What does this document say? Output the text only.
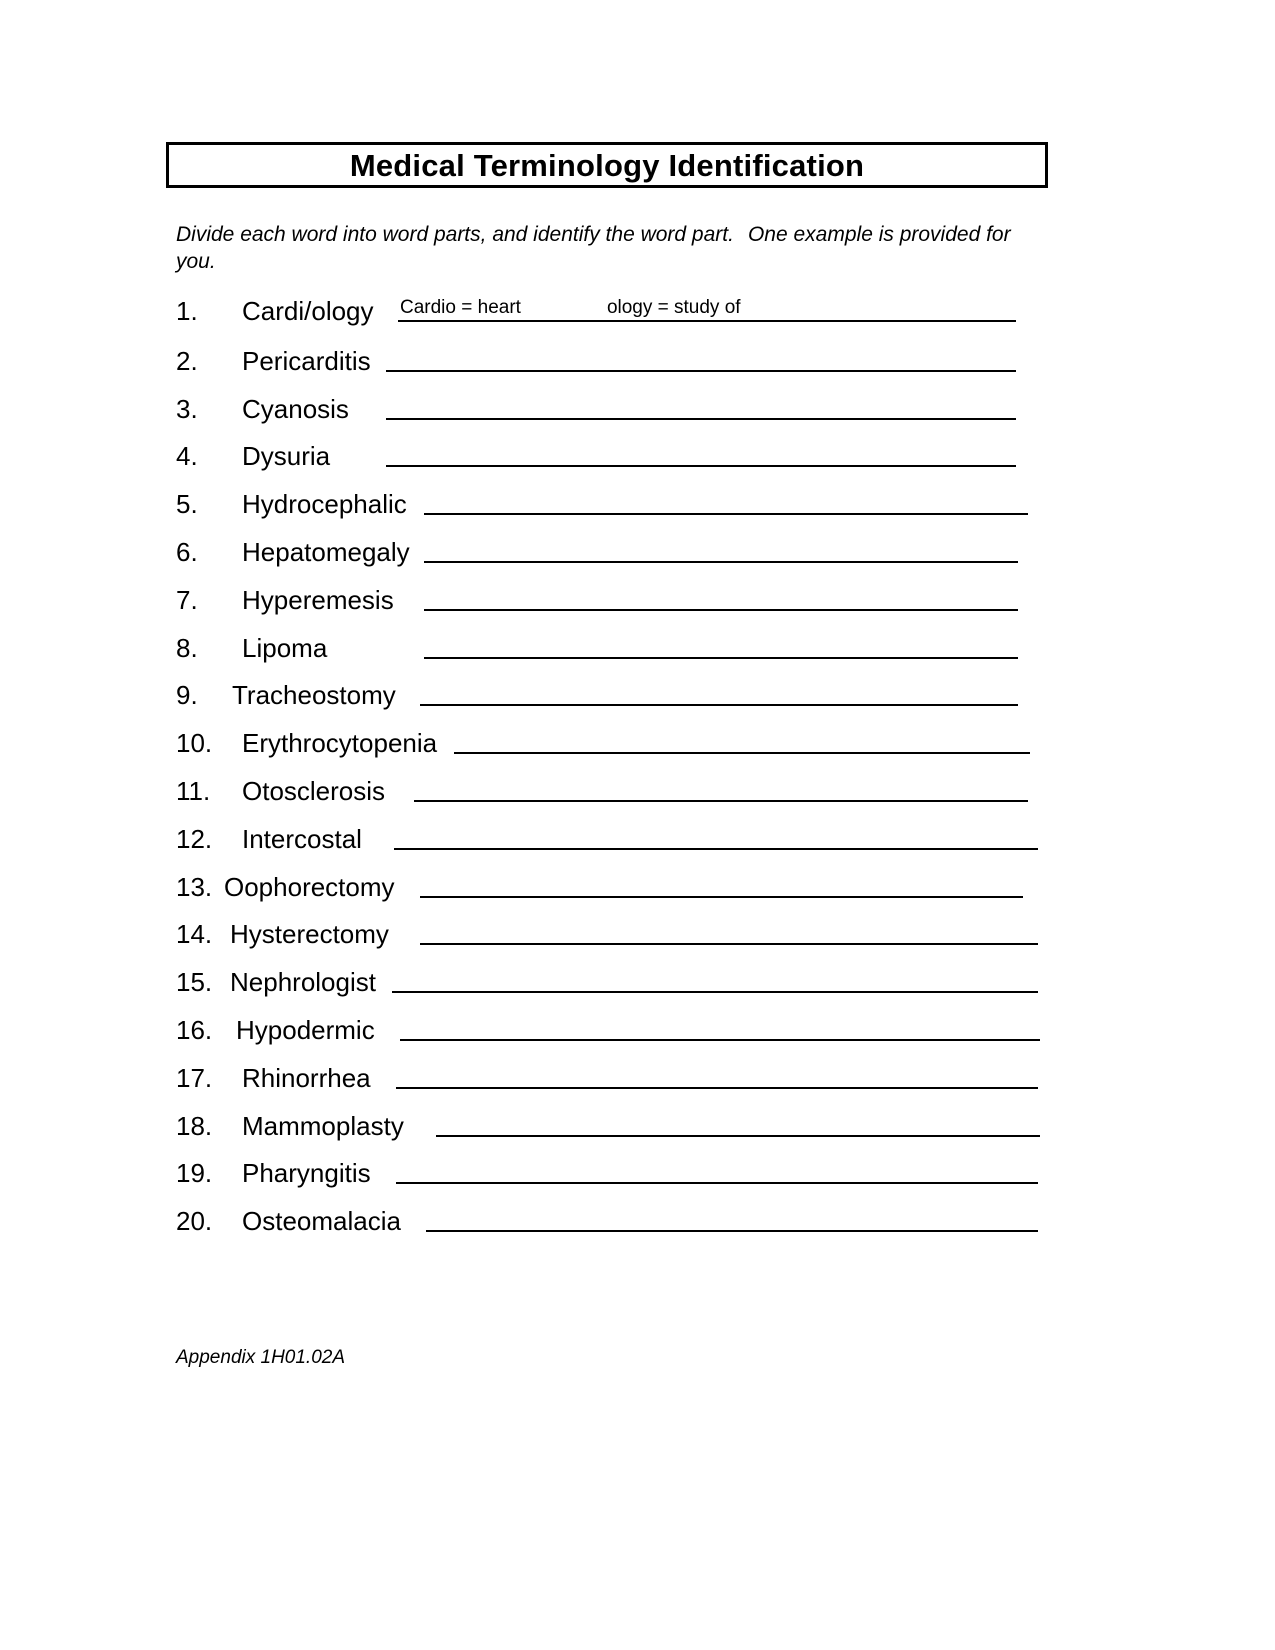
Medical Terminology Identification
Divide each word into word parts, and identify the word part. One example is provided for you.
1.	Cardi/ology	Cardio = heart	ology = study of
2.	Pericarditis
3.	Cyanosis
4.	Dysuria
5.	Hydrocephalic
6.	Hepatomegaly
7.	Hyperemesis
8.	Lipoma
9.	Tracheostomy
10.	Erythrocytopenia
11.	Otosclerosis
12.	Intercostal
13. Oophorectomy
14. Hysterectomy
15. Nephrologist
16. Hypodermic
17.	Rhinorrhea
18.	Mammoplasty
19.	Pharyngitis
20.	Osteomalacia
Appendix 1H01.02A
